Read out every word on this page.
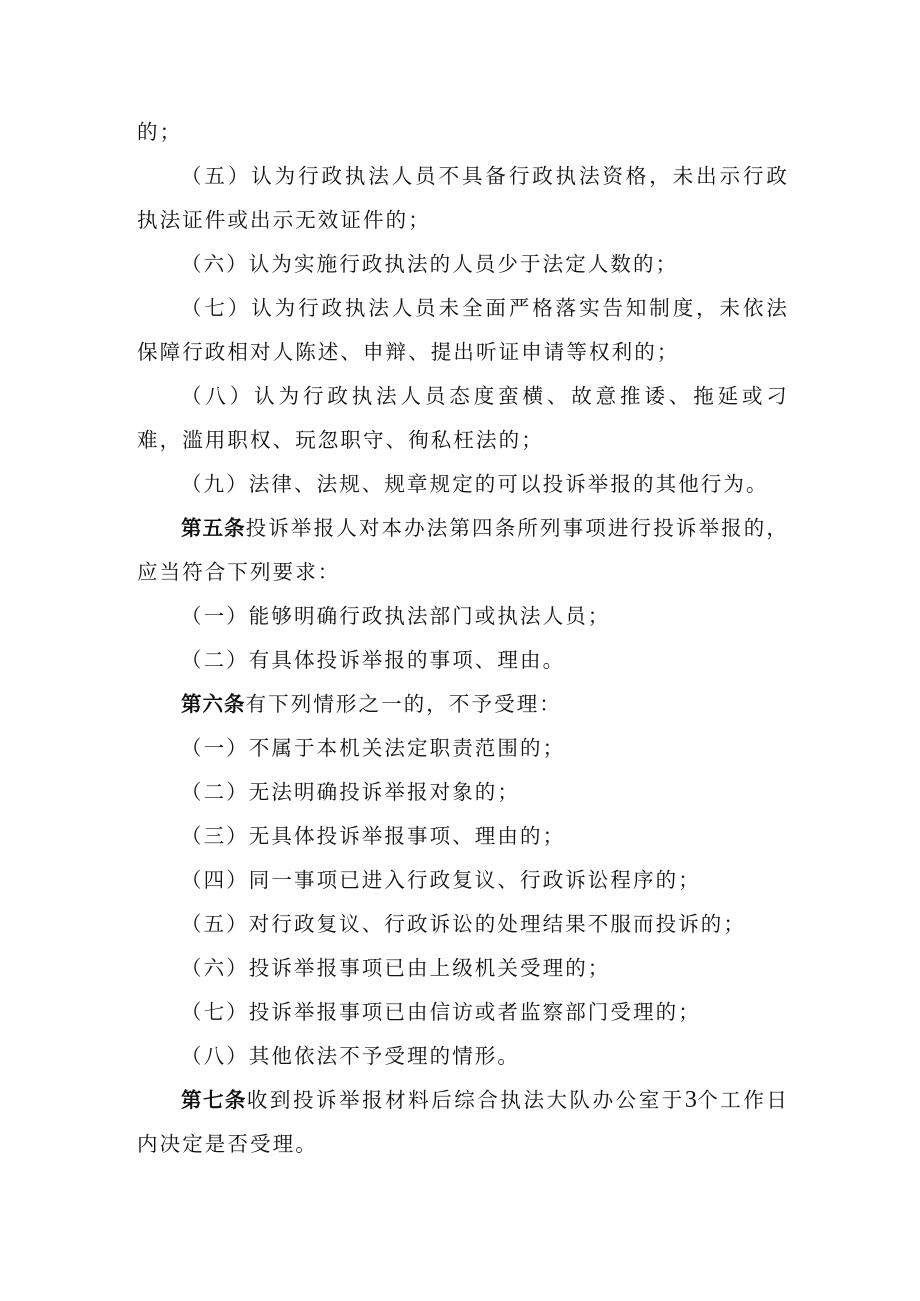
的；

（五）认为行政执法人员不具备行政执法资格，未出示行政执法证件或出示无效证件的；

（六）认为实施行政执法的人员少于法定人数的；

（七）认为行政执法人员未全面严格落实告知制度，未依法保障行政相对人陈述、申辩、提出听证申请等权利的；

（八）认为行政执法人员态度蛮横、故意推诿、拖延或刁难，滥用职权、玩忽职守、徇私枉法的；

（九）法律、法规、规章规定的可以投诉举报的其他行为。

第五条投诉举报人对本办法第四条所列事项进行投诉举报的，应当符合下列要求：

（一）能够明确行政执法部门或执法人员；

（二）有具体投诉举报的事项、理由。

第六条有下列情形之一的，不予受理：

（一）不属于本机关法定职责范围的；

（二）无法明确投诉举报对象的；

（三）无具体投诉举报事项、理由的；

（四）同一事项已进入行政复议、行政诉讼程序的；

（五）对行政复议、行政诉讼的处理结果不服而投诉的；

（六）投诉举报事项已由上级机关受理的；

（七）投诉举报事项已由信访或者监察部门受理的；

（八）其他依法不予受理的情形。

第七条收到投诉举报材料后综合执法大队办公室于3个工作日内决定是否受理。
